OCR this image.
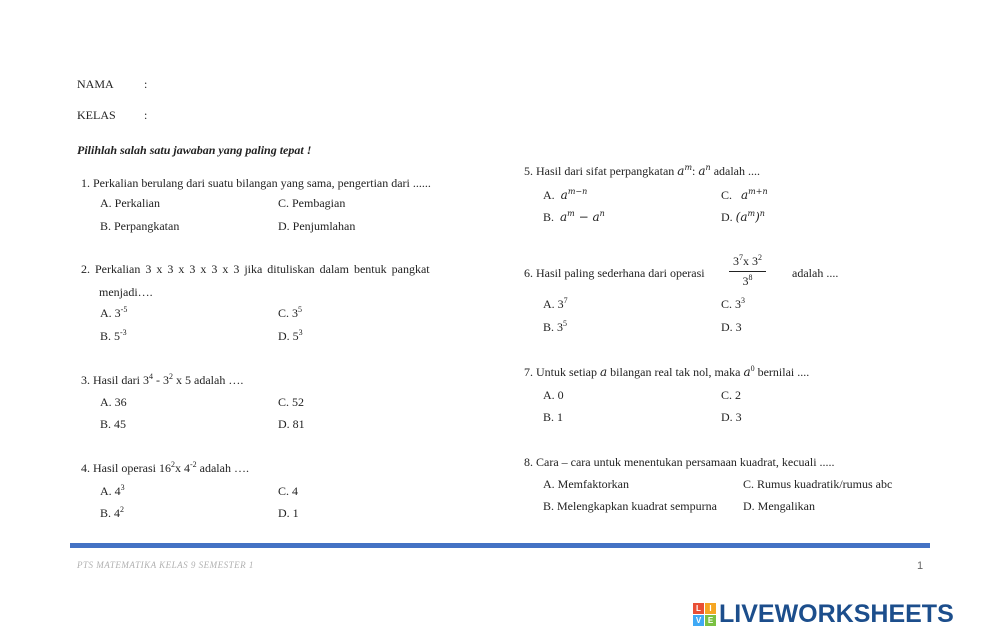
NAMA	:
KELAS :
Pilihlah salah satu jawaban yang paling tepat !
1. Perkalian berulang dari suatu bilangan yang sama, pengertian dari ......
A. Perkalian
B. Perpangkatan
C. Pembagian
D. Penjumlahan
2. Perkalian 3 x 3 x 3 x 3 x 3 jika dituliskan dalam bentuk pangkat
menjadi….
A. $3^{-5}$
B. $5^{-3}$
C. $3^5$
D. $5^3$
3. Hasil dari $3^4 - 3^2$ x 5 adalah ….
A. 36
B. 45
C. 52
D. 81
4. Hasil operasi $16^2x$ $4^{-2}$ adalah ….
A. $4^3$
B. $4^2$
C. 4
D. 1
5. Hasil dari sifat perpangkatan $a^m$: $a^n$ adalah ....
A. $a^{m-n}$
B. $a^m - a^n$
C. $a^{m+n}$
D. $(a^m)^n$
6. Hasil paling sederhana dari operasi $\frac{3^7x 3^2}{3^8}$ adalah ....
A. $3^7$
B. $3^5$
C. $3^3$
D. 3
7. Untuk setiap a bilangan real tak nol, maka $a^0$ bernilai ....
A. 0
B. 1
C. 2
D. 3
8. Cara – cara untuk menentukan persamaan kuadrat, kecuali .....
A. Memfaktorkan
B. Melengkapkan kuadrat sempurna
C. Rumus kuadratik/rumus abc
D. Mengalikan
PTS MATEMATIKA KELAS 9 SEMESTER 1	1
L	I
V E LIVEWORKSHEETS
